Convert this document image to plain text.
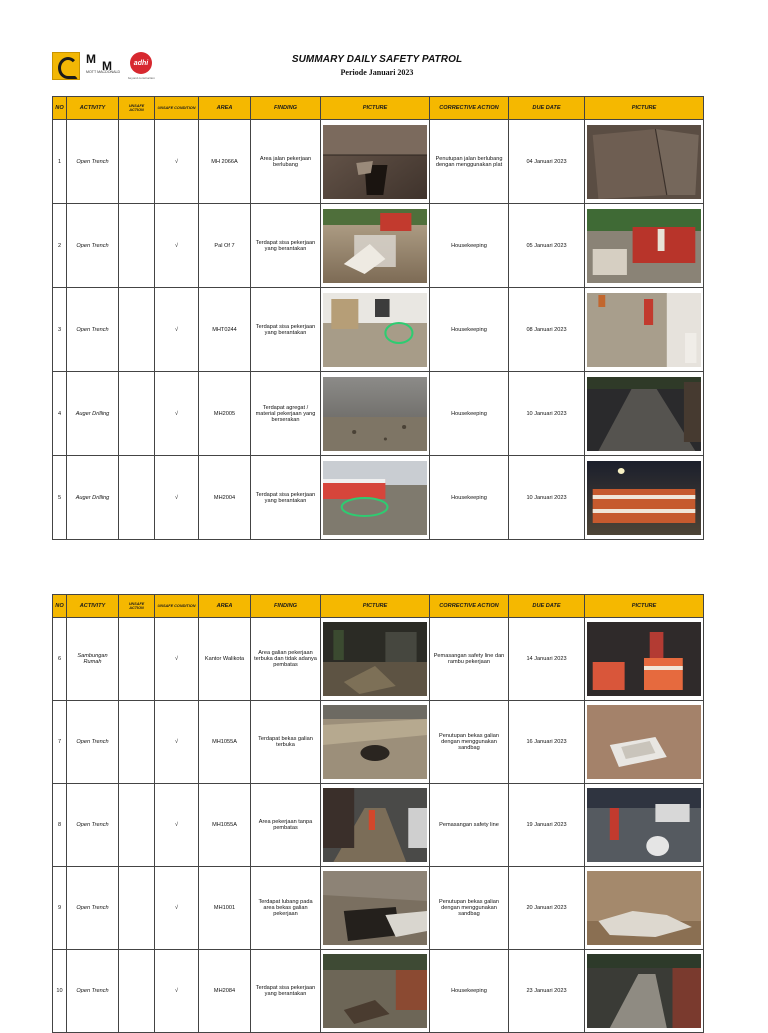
M M
MOTT MACDONALD
adhi
beyond construction
SUMMARY DAILY SAFETY PATROL
Periode Januari 2023
NO	ACTIVITY	UNSAFE ACTION	UNSAFE CONDITION	AREA	FINDING	PICTURE	CORRECTIVE ACTION	DUE DATE	PICTURE
1	Open Trench		√	MH 2066A	Area jalan pekerjaan berlubang		Penutupan jalan berlubang dengan menggunakan plat	04 Januari 2023	

2	Open Trench		√	Pal Of 7	Terdapat sisa pekerjaan yang berantakan		Housekeeping	05 Januari 2023	

3	Open Trench		√	MHT0244	Terdapat sisa pekerjaan yang berantakan		Housekeeping	08 Januari 2023	

4	Auger Drilling		√	MH2005	Terdapat agregat / material pekerjaan yang berserakan		Housekeeping	10 Januari 2023	

5	Auger Drilling		√	MH2004	Terdapat sisa pekerjaan yang berantakan		Housekeeping	10 Januari 2023	
NO	ACTIVITY	UNSAFE ACTION	UNSAFE CONDITION	AREA	FINDING	PICTURE	CORRECTIVE ACTION	DUE DATE	PICTURE
6	Sambungan Rumah		√	Kantor Walikota	Area galian pekerjaan terbuka dan tidak adanya pembatas		Pemasangan safety line dan rambu pekerjaan	14 Januari 2023	

7	Open Trench		√	MH1055A	Terdapat bekas galian terbuka		Penutupan bekas galian dengan menggunakan sandbag	16 Januari 2023	

8	Open Trench		√	MH1055A	Area pekerjaan tanpa pembatas		Pemasangan safety line	19 Januari 2023	

9	Open Trench		√	MH1001	Terdapat lubang pada area bekas galian pekerjaan		Penutupan bekas galian dengan menggunakan sandbag	20 Januari 2023	

10	Open Trench		√	MH2084	Terdapat sisa pekerjaan yang berantakan		Housekeeping	23 Januari 2023	
